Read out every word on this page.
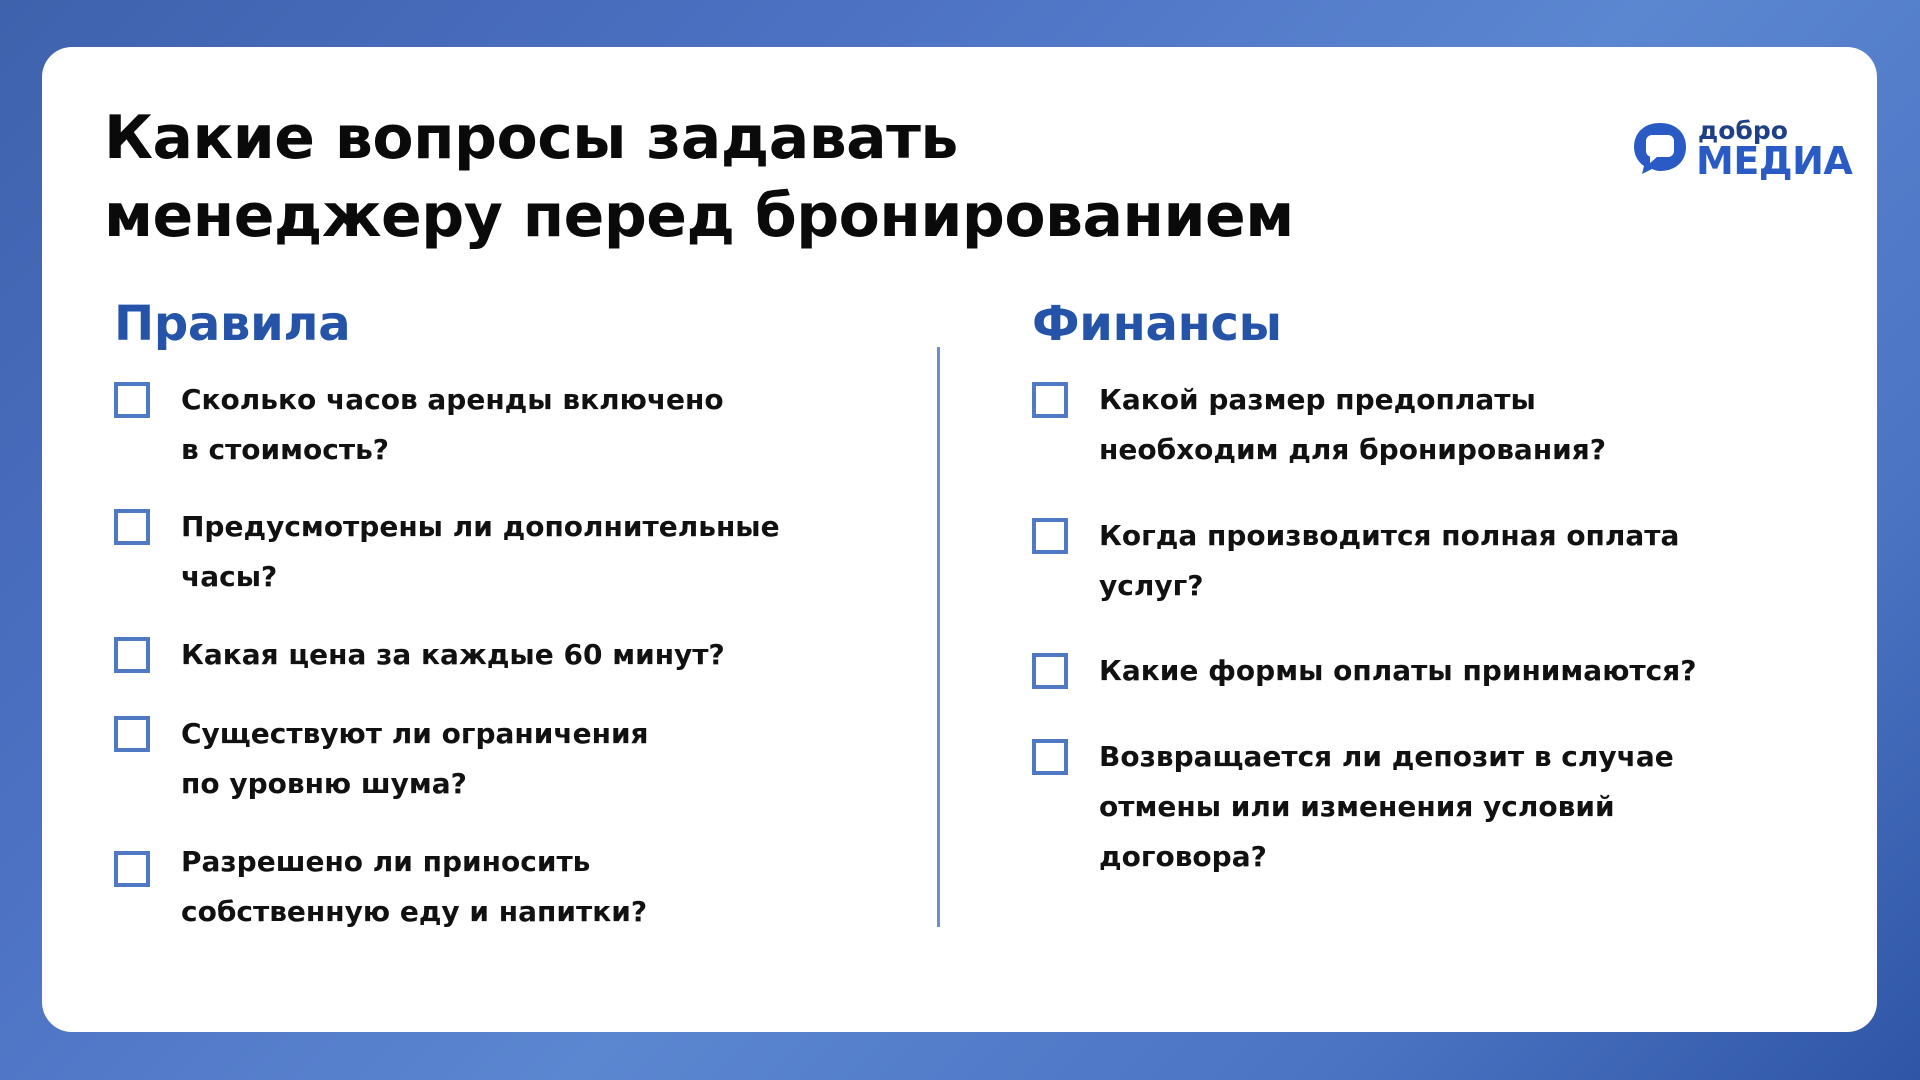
Какие вопросы задавать
менеджеру перед бронированием
добро
МЕДИА
Правила
Сколько часов аренды включено
в стоимость?
Предусмотрены ли дополнительные
часы?
Какая цена за каждые 60 минут?
Существуют ли ограничения
по уровню шума?
Разрешено ли приносить
собственную еду и напитки?
Финансы
Какой размер предоплаты
необходим для бронирования?
Когда производится полная оплата
услуг?
Какие формы оплаты принимаются?
Возвращается ли депозит в случае
отмены или изменения условий
договора?
